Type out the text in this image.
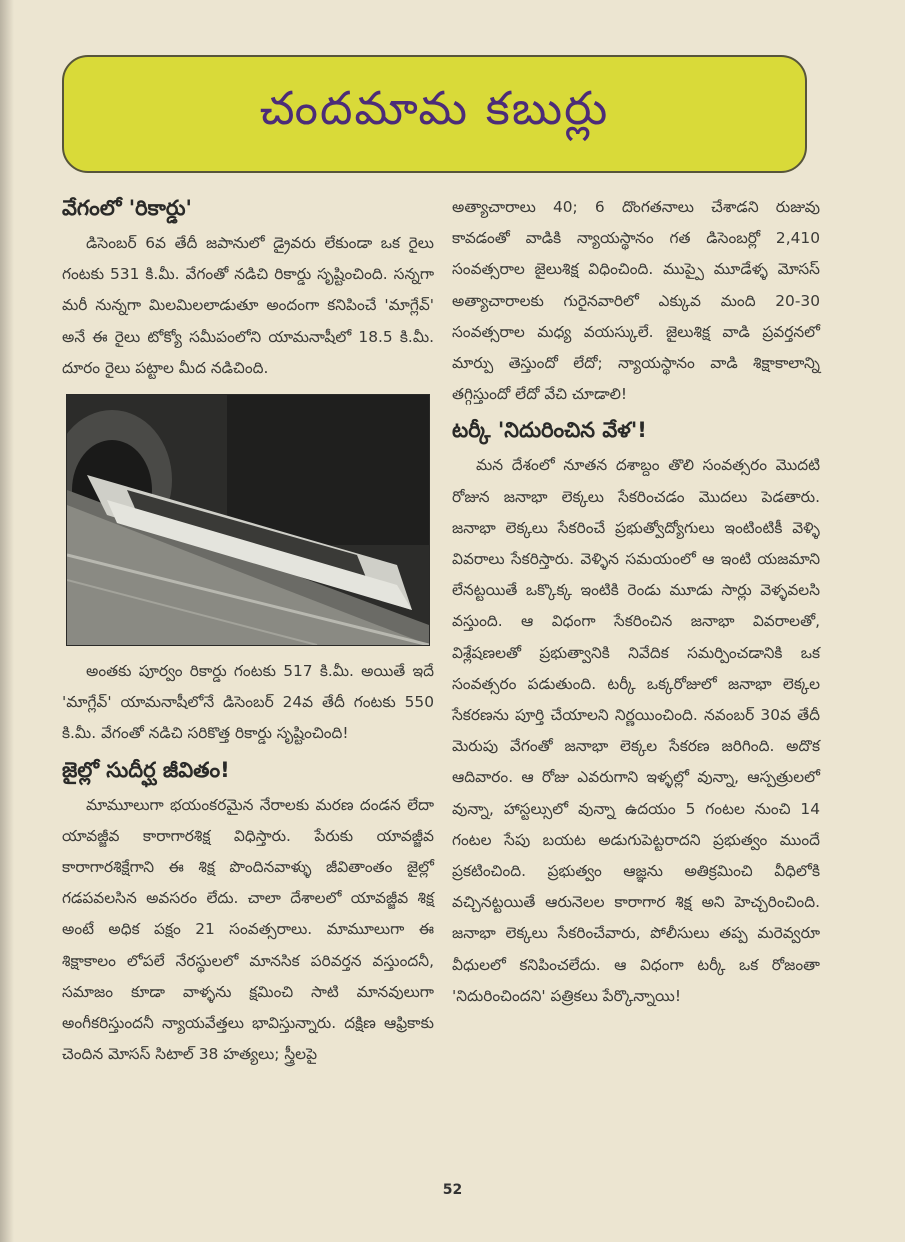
చందమామ కబుర్లు
వేగంలో 'రికార్డు'

డిసెంబర్ 6వ తేదీ జపానులో డ్రైవరు లేకుండా ఒక రైలు గంటకు 531 కి.మీ. వేగంతో నడిచి రికార్డు సృష్టించింది. సన్నగా మరీ నున్నగా మిలమిలలాడుతూ అందంగా కనిపించే 'మాగ్లేవ్' అనే ఈ రైలు టోక్యో సమీపంలోని యామనాషీలో 18.5 కి.మీ. దూరం రైలు పట్టాల మీద నడిచింది.

అంతకు పూర్వం రికార్డు గంటకు 517 కి.మీ. అయితే ఇదే 'మాగ్లేవ్' యామనాషీలోనే డిసెంబర్ 24వ తేదీ గంటకు 550 కి.మీ. వేగంతో నడిచి సరికొత్త రికార్డు సృష్టించింది!

జైల్లో సుదీర్ఘ జీవితం!

మామూలుగా భయంకరమైన నేరాలకు మరణ దండన లేదా యావజ్జీవ కారాగారశిక్ష విధిస్తారు. పేరుకు యావజ్జీవ కారాగారశిక్షేగాని ఈ శిక్ష పొందినవాళ్ళు జీవితాంతం జైల్లో గడపవలసిన అవసరం లేదు. చాలా దేశాలలో యావజ్జీవ శిక్ష అంటే అధిక పక్షం 21 సంవత్సరాలు. మామూలుగా ఈ శిక్షాకాలం లోపలే నేరస్థులలో మానసిక పరివర్తన వస్తుందనీ, సమాజం కూడా వాళ్ళను క్షమించి సాటి మానవులుగా అంగీకరిస్తుందనీ న్యాయవేత్తలు భావిస్తున్నారు. దక్షిణ ఆఫ్రికాకు చెందిన మోసస్ సిటాల్ 38 హత్యలు; స్త్రీలపై

అత్యాచారాలు 40; 6 దొంగతనాలు చేశాడని రుజువు కావడంతో వాడికి న్యాయస్థానం గత డిసెంబర్లో 2,410 సంవత్సరాల జైలుశిక్ష విధించింది. ముప్పై మూడేళ్ళ మోసస్ అత్యాచారాలకు గురైనవారిలో ఎక్కువ మంది 20-30 సంవత్సరాల మధ్య వయస్కులే. జైలుశిక్ష వాడి ప్రవర్తనలో మార్పు తెస్తుందో లేదో; న్యాయస్థానం వాడి శిక్షాకాలాన్ని తగ్గిస్తుందో లేదో వేచి చూడాలి!

టర్కీ 'నిదురించిన వేళ'!

మన దేశంలో నూతన దశాబ్దం తొలి సంవత్సరం మొదటి రోజున జనాభా లెక్కలు సేకరించడం మొదలు పెడతారు. జనాభా లెక్కలు సేకరించే ప్రభుత్వోద్యోగులు ఇంటింటికీ వెళ్ళి వివరాలు సేకరిస్తారు. వెళ్ళిన సమయంలో ఆ ఇంటి యజమాని లేనట్టయితే ఒక్కొక్క ఇంటికి రెండు మూడు సార్లు వెళ్ళవలసి వస్తుంది. ఆ విధంగా సేకరించిన జనాభా వివరాలతో, విశ్లేషణలతో ప్రభుత్వానికి నివేదిక సమర్పించడానికి ఒక సంవత్సరం పడుతుంది. టర్కీ ఒక్కరోజులో జనాభా లెక్కల సేకరణను పూర్తి చేయాలని నిర్ణయించింది. నవంబర్ 30వ తేదీ మెరుపు వేగంతో జనాభా లెక్కల సేకరణ జరిగింది. అదొక ఆదివారం. ఆ రోజు ఎవరుగాని ఇళ్ళల్లో వున్నా, ఆస్పత్రులలో వున్నా, హాస్టల్సులో వున్నా ఉదయం 5 గంటల నుంచి 14 గంటల సేపు బయట అడుగుపెట్టరాదని ప్రభుత్వం ముందే ప్రకటించింది. ప్రభుత్వం ఆజ్ఞను అతిక్రమించి వీధిలోకి వచ్చినట్టయితే ఆరునెలల కారాగార శిక్ష అని హెచ్చరించింది. జనాభా లెక్కలు సేకరించేవారు, పోలీసులు తప్ప మరెవ్వరూ వీధులలో కనిపించలేదు. ఆ విధంగా టర్కీ ఒక రోజంతా 'నిదురించిందని' పత్రికలు పేర్కొన్నాయి!

52
